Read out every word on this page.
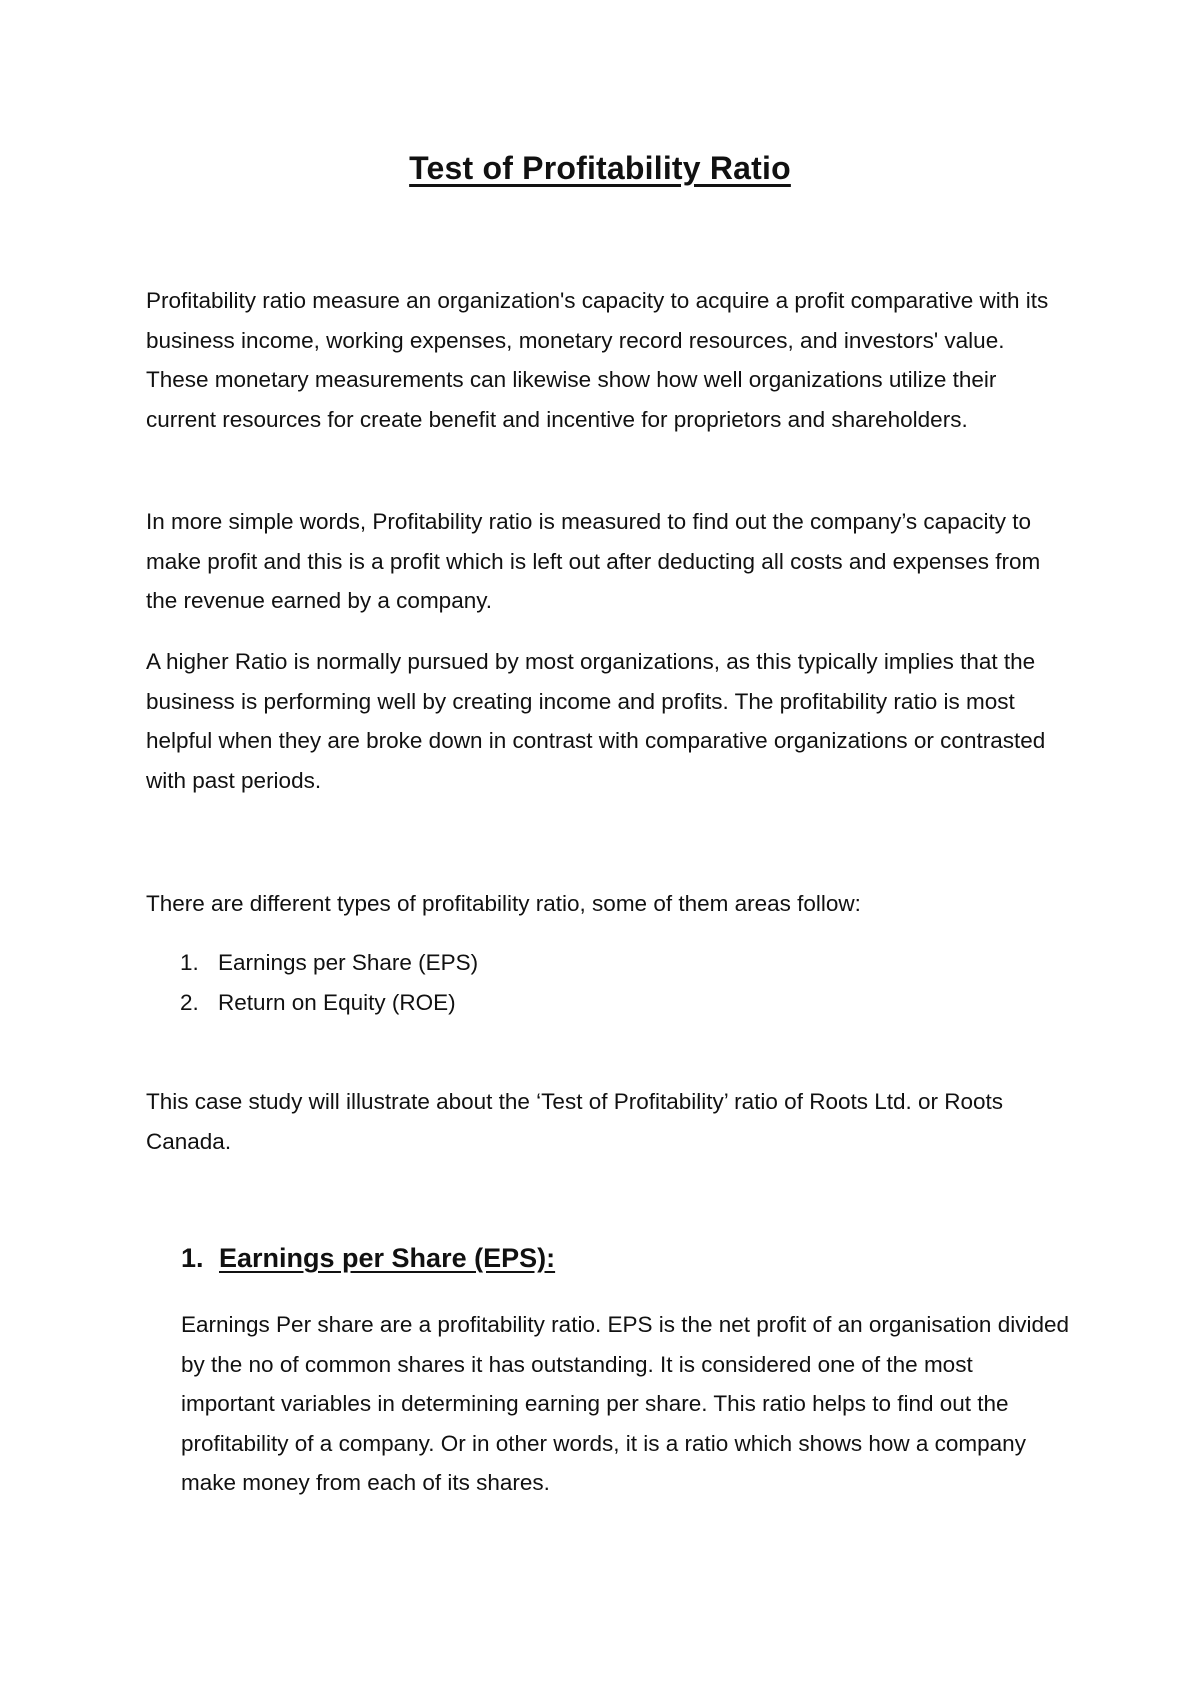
Test of Profitability Ratio

Profitability ratio measure an organization's capacity to acquire a profit comparative with its business income, working expenses, monetary record resources, and investors' value. These monetary measurements can likewise show how well organizations utilize their current resources for create benefit and incentive for proprietors and shareholders.

In more simple words, Profitability ratio is measured to find out the company’s capacity to make profit and this is a profit which is left out after deducting all costs and expenses from the revenue earned by a company.

A higher Ratio is normally pursued by most organizations, as this typically implies that the business is performing well by creating income and profits. The profitability ratio is most helpful when they are broke down in contrast with comparative organizations or contrasted with past periods.

There are different types of profitability ratio, some of them areas follow:

1. Earnings per Share (EPS)
2. Return on Equity (ROE)

This case study will illustrate about the ‘Test of Profitability’ ratio of Roots Ltd. or Roots Canada.

1. Earnings per Share (EPS):

Earnings Per share are a profitability ratio. EPS is the net profit of an organisation divided by the no of common shares it has outstanding. It is considered one of the most important variables in determining earning per share. This ratio helps to find out the profitability of a company. Or in other words, it is a ratio which shows how a company make money from each of its shares.
